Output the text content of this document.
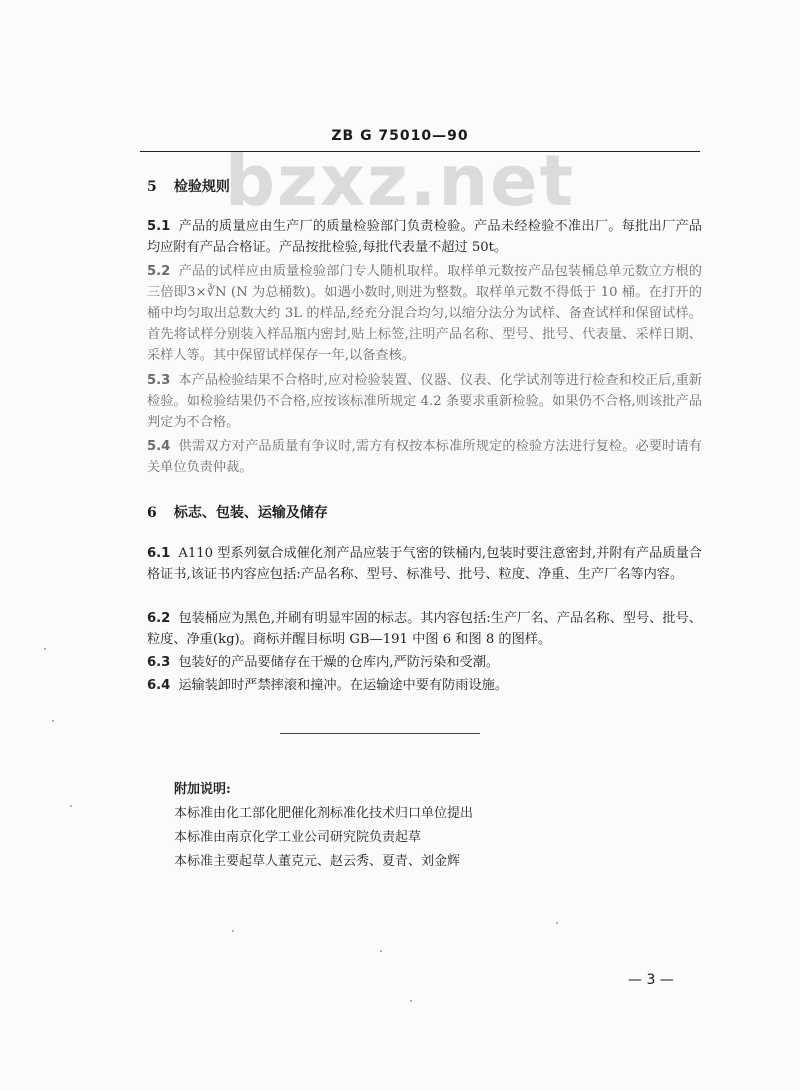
bzxz.net
ZB G 75010—90
5 检验规则
5.1 产品的质量应由生产厂的质量检验部门负责检验。产品未经检验不准出厂。每批出厂产品均应附有产品合格证。产品按批检验,每批代表量不超过 50t。
5.2 产品的试样应由质量检验部门专人随机取样。取样单元数按产品包装桶总单元数立方根的三倍即3×∛N (N 为总桶数)。如遇小数时,则进为整数。取样单元数不得低于 10 桶。在打开的桶中均匀取出总数大约 3L 的样品,经充分混合均匀,以缩分法分为试样、备查试样和保留试样。首先将试样分别装入样品瓶内密封,贴上标签,注明产品名称、型号、批号、代表量、采样日期、采样人等。其中保留试样保存一年,以备查核。
5.3 本产品检验结果不合格时,应对检验装置、仪器、仪表、化学试剂等进行检查和校正后,重新检验。如检验结果仍不合格,应按该标准所规定 4.2 条要求重新检验。如果仍不合格,则该批产品判定为不合格。
5.4 供需双方对产品质量有争议时,需方有权按本标准所规定的检验方法进行复检。必要时请有关单位负责仲裁。
6 标志、包装、运输及储存
6.1 A110 型系列氨合成催化剂产品应装于气密的铁桶内,包装时要注意密封,并附有产品质量合格证书,该证书内容应包括:产品名称、型号、标准号、批号、粒度、净重、生产厂名等内容。
6.2 包装桶应为黑色,并刷有明显牢固的标志。其内容包括:生产厂名、产品名称、型号、批号、粒度、净重(kg)。商标并醒目标明 GB—191 中图 6 和图 8 的图样。
6.3 包装好的产品要储存在干燥的仓库内,严防污染和受潮。
6.4 运输装卸时严禁摔滚和撞冲。在运输途中要有防雨设施。
附加说明:
本标准由化工部化肥催化剂标准化技术归口单位提出
本标准由南京化学工业公司研究院负责起草
本标准主要起草人董克元、赵云秀、夏青、刘金辉
— 3 —
